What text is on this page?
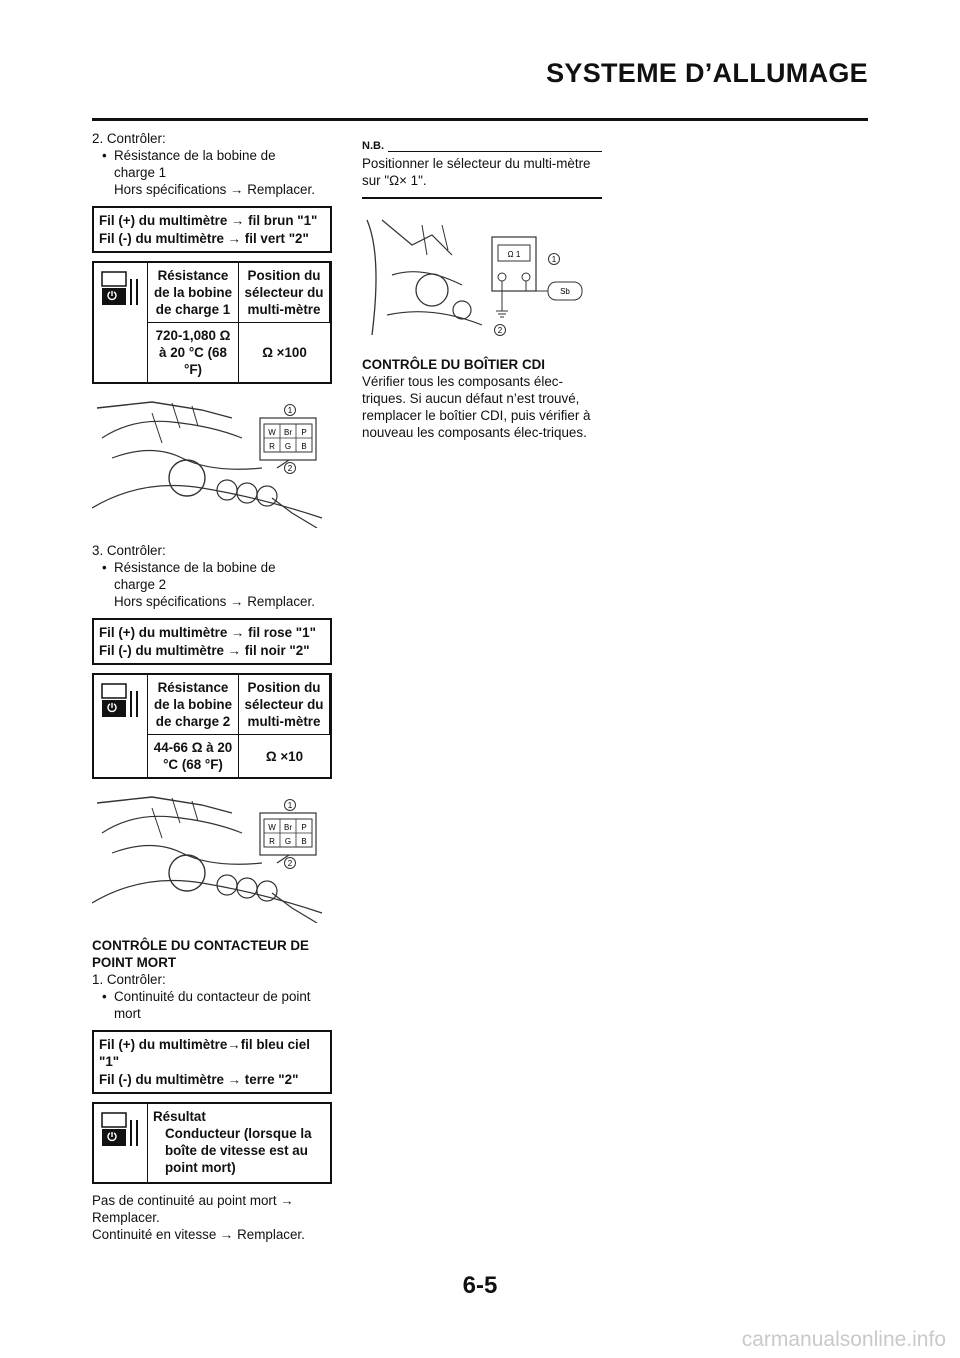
SYSTEME D’ALLUMAGE
2. Contrôler:
• Résistance de la bobine de
charge 1
Hors spécifications → Remplacer.
Fil (+) du multimètre → fil brun "1"
Fil (-) du multimètre → fil vert "2"
Résistance de la bobine de charge 1
Position du sélecteur du multi-mètre
720-1,080 Ω à 20 °C (68 °F)
Ω ×100
W Br P
R G B
1
2
3. Contrôler:
• Résistance de la bobine de
charge 2
Hors spécifications → Remplacer.
Fil (+) du multimètre → fil rose "1"
Fil (-) du multimètre → fil noir "2"
Résistance de la bobine de charge 2
Position du sélecteur du multi-mètre
44-66 Ω à 20 °C (68 °F)
Ω ×10
W Br P
R G B
1
2
CONTRÔLE DU CONTACTEUR DE POINT MORT
1. Contrôler:
• Continuité du contacteur de point
mort
Fil (+) du multimètre→fil bleu ciel "1"
Fil (-) du multimètre → terre "2"
Résultat
Conducteur (lorsque la boîte de vitesse est au point mort)
Pas de continuité au point mort →
Remplacer.
Continuité en vitesse → Remplacer.
N.B.
Positionner le sélecteur du multi-mètre sur "Ω× 1".
Ω 1
Sb
1
2
CONTRÔLE DU BOÎTIER CDI
Vérifier tous les composants élec-triques. Si aucun défaut n’est trouvé, remplacer le boîtier CDI, puis vérifier à nouveau les composants élec-triques.
6-5
carmanualsonline.info
